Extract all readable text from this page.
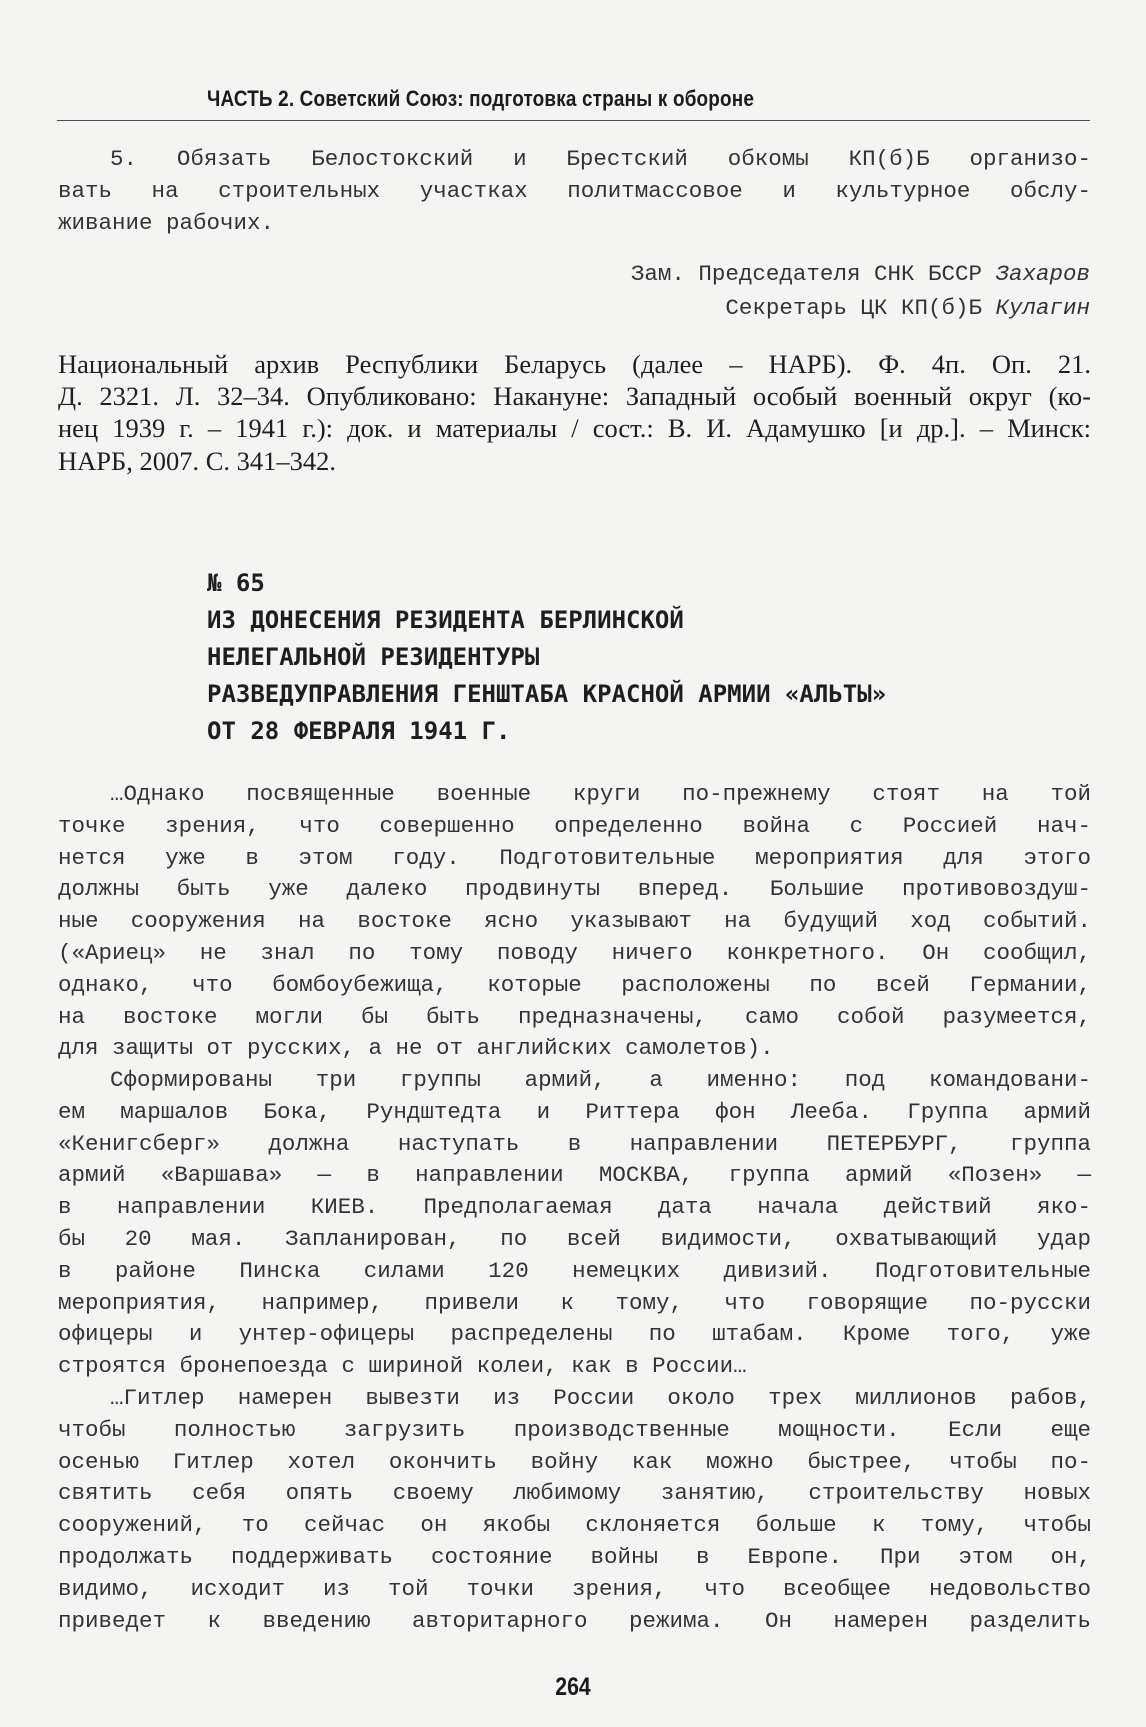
ЧАСТЬ 2. Советский Союз: подготовка страны к обороне
5. Обязать Белостокский и Брестский обкомы КП(б)Б организо-
вать на строительных участках политмассовое и культурное обслу-
живание рабочих.
Зам. Председателя СНК БССР Захаров
Секретарь ЦК КП(б)Б Кулагин
Национальный архив Республики Беларусь (далее – НАРБ). Ф. 4п. Оп. 21.
Д. 2321. Л. 32–34. Опубликовано: Накануне: Западный особый военный округ (ко-
нец 1939 г. – 1941 г.): док. и материалы / сост.: В. И. Адамушко [и др.]. – Минск:
НАРБ, 2007. С. 341–342.
№ 65
ИЗ ДОНЕСЕНИЯ РЕЗИДЕНТА БЕРЛИНСКОЙ
НЕЛЕГАЛЬНОЙ РЕЗИДЕНТУРЫ
РАЗВЕДУПРАВЛЕНИЯ ГЕНШТАБА КРАСНОЙ АРМИИ «АЛЬТЫ»
ОТ 28 ФЕВРАЛЯ 1941 Г.
…Однако посвященные военные круги по-прежнему стоят на той
точке зрения, что совершенно определенно война с Россией нач-
нется уже в этом году. Подготовительные мероприятия для этого
должны быть уже далеко продвинуты вперед. Большие противовоздуш-
ные сооружения на востоке ясно указывают на будущий ход событий.
(«Ариец» не знал по тому поводу ничего конкретного. Он сообщил,
однако, что бомбоубежища, которые расположены по всей Германии,
на востоке могли бы быть предназначены, само собой разумеется,
для защиты от русских, а не от английских самолетов).
Сформированы три группы армий, а именно: под командовани-
ем маршалов Бока, Рундштедта и Риттера фон Лееба. Группа армий
«Кенигсберг» должна наступать в направлении ПЕТЕРБУРГ, группа
армий «Варшава» — в направлении МОСКВА, группа армий «Позен» —
в направлении КИЕВ. Предполагаемая дата начала действий яко-
бы 20 мая. Запланирован, по всей видимости, охватывающий удар
в районе Пинска силами 120 немецких дивизий. Подготовительные
мероприятия, например, привели к тому, что говорящие по-русски
офицеры и унтер-офицеры распределены по штабам. Кроме того, уже
строятся бронепоезда с шириной колеи, как в России…
…Гитлер намерен вывезти из России около трех миллионов рабов,
чтобы полностью загрузить производственные мощности. Если еще
осенью Гитлер хотел окончить войну как можно быстрее, чтобы по-
святить себя опять своему любимому занятию, строительству новых
сооружений, то сейчас он якобы склоняется больше к тому, чтобы
продолжать поддерживать состояние войны в Европе. При этом он,
видимо, исходит из той точки зрения, что всеобщее недовольство
приведет к введению авторитарного режима. Он намерен разделить
264
